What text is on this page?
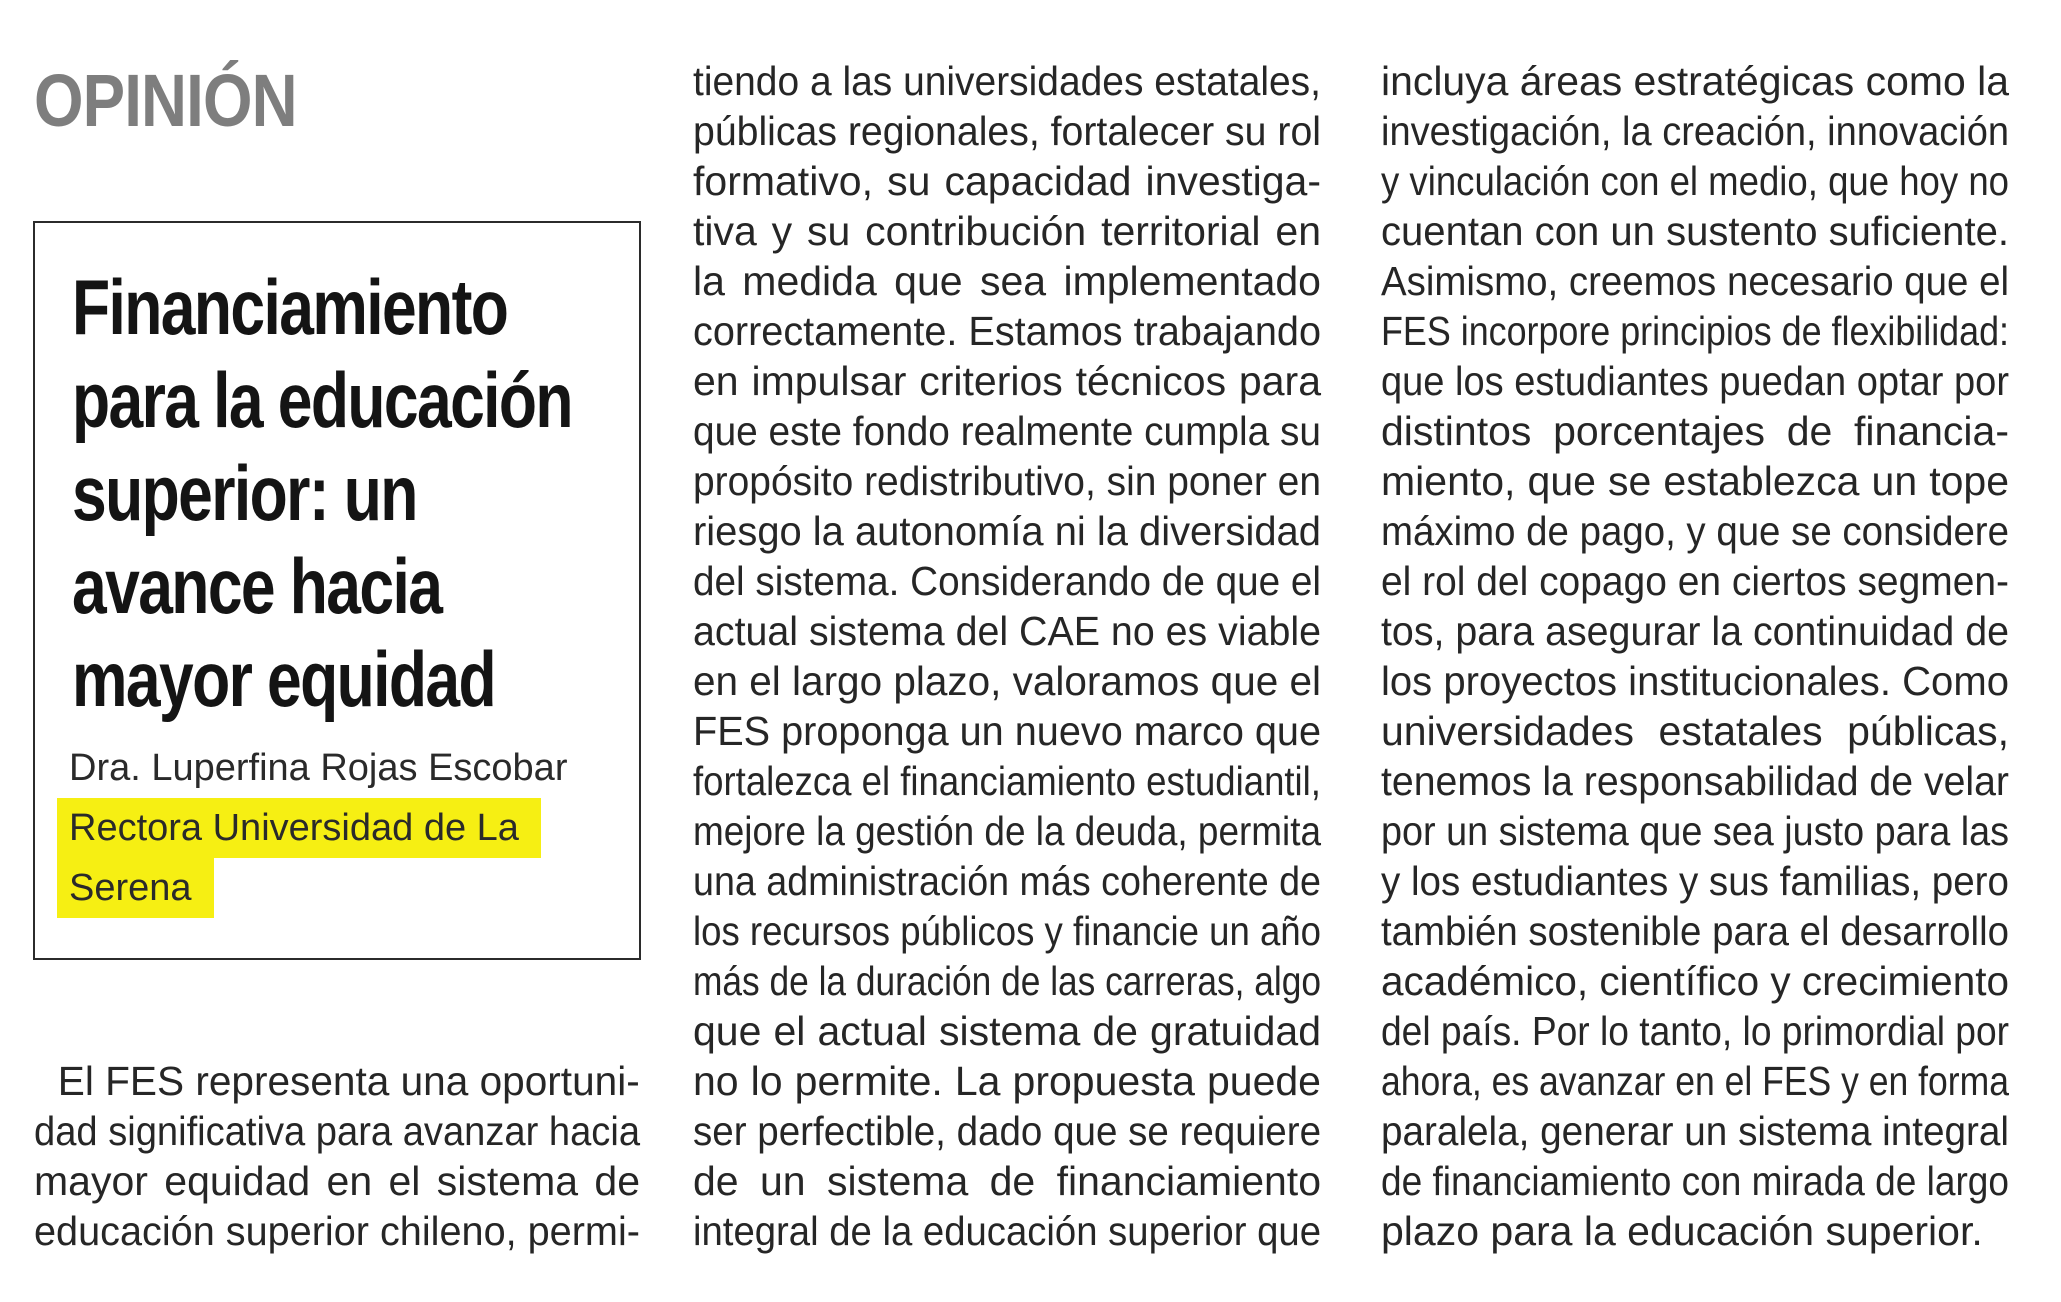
OPINIÓN
Financiamiento
para la educación
superior: un
avance hacia
mayor equidad
Dra. Luperfina Rojas Escobar
Rectora Universidad de La
Serena
El FES representa una oportuni-
dad significativa para avanzar hacia
mayor equidad en el sistema de
educación superior chileno, permi-
tiendo a las universidades estatales,
públicas regionales, fortalecer su rol
formativo, su capacidad investiga-
tiva y su contribución territorial en
la medida que sea implementado
correctamente. Estamos trabajando
en impulsar criterios técnicos para
que este fondo realmente cumpla su
propósito redistributivo, sin poner en
riesgo la autonomía ni la diversidad
del sistema. Considerando de que el
actual sistema del CAE no es viable
en el largo plazo, valoramos que el
FES proponga un nuevo marco que
fortalezca el financiamiento estudiantil,
mejore la gestión de la deuda, permita
una administración más coherente de
los recursos públicos y financie un año
más de la duración de las carreras, algo
que el actual sistema de gratuidad
no lo permite. La propuesta puede
ser perfectible, dado que se requiere
de un sistema de financiamiento
integral de la educación superior que
incluya áreas estratégicas como la
investigación, la creación, innovación
y vinculación con el medio, que hoy no
cuentan con un sustento suficiente.
Asimismo, creemos necesario que el
FES incorpore principios de flexibilidad:
que los estudiantes puedan optar por
distintos porcentajes de financia-
miento, que se establezca un tope
máximo de pago, y que se considere
el rol del copago en ciertos segmen-
tos, para asegurar la continuidad de
los proyectos institucionales. Como
universidades estatales públicas,
tenemos la responsabilidad de velar
por un sistema que sea justo para las
y los estudiantes y sus familias, pero
también sostenible para el desarrollo
académico, científico y crecimiento
del país. Por lo tanto, lo primordial por
ahora, es avanzar en el FES y en forma
paralela, generar un sistema integral
de financiamiento con mirada de largo
plazo para la educación superior.
